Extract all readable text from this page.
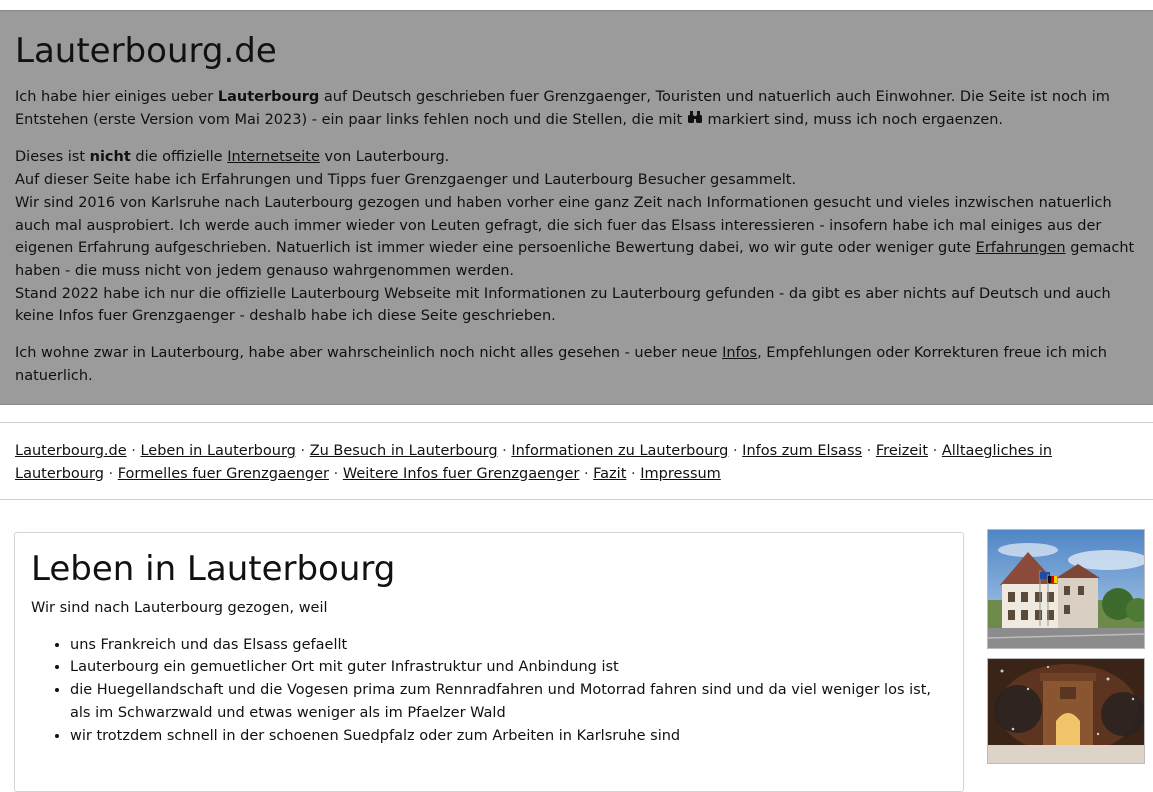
Lauterbourg.de

Ich habe hier einiges ueber Lauterbourg auf Deutsch geschrieben fuer Grenzgaenger, Touristen und natuerlich auch Einwohner. Die Seite ist noch im Entstehen (erste Version vom Mai 2023) - ein paar links fehlen noch und die Stellen, die mit  markiert sind, muss ich noch ergaenzen.

Dieses ist nicht die offizielle Internetseite von Lauterbourg.
Auf dieser Seite habe ich Erfahrungen und Tipps fuer Grenzgaenger und Lauterbourg Besucher gesammelt.
Wir sind 2016 von Karlsruhe nach Lauterbourg gezogen und haben vorher eine ganz Zeit nach Informationen gesucht und vieles inzwischen natuerlich auch mal ausprobiert. Ich werde auch immer wieder von Leuten gefragt, die sich fuer das Elsass interessieren - insofern habe ich mal einiges aus der eigenen Erfahrung aufgeschrieben. Natuerlich ist immer wieder eine persoenliche Bewertung dabei, wo wir gute oder weniger gute Erfahrungen gemacht haben - die muss nicht von jedem genauso wahrgenommen werden.
Stand 2022 habe ich nur die offizielle Lauterbourg Webseite mit Informationen zu Lauterbourg gefunden - da gibt es aber nichts auf Deutsch und auch keine Infos fuer Grenzgaenger - deshalb habe ich diese Seite geschrieben.

Ich wohne zwar in Lauterbourg, habe aber wahrscheinlich noch nicht alles gesehen - ueber neue Infos, Empfehlungen oder Korrekturen freue ich mich natuerlich.

Lauterbourg.de · Leben in Lauterbourg · Zu Besuch in Lauterbourg · Informationen zu Lauterbourg · Infos zum Elsass · Freizeit · Alltaegliches in Lauterbourg · Formelles fuer Grenzgaenger · Weitere Infos fuer Grenzgaenger · Fazit · Impressum
Leben in Lauterbourg

Wir sind nach Lauterbourg gezogen, weil

• uns Frankreich und das Elsass gefaellt
• Lauterbourg ein gemuetlicher Ort mit guter Infrastruktur und Anbindung ist
• die Huegellandschaft und die Vogesen prima zum Rennradfahren und Motorrad fahren sind und da viel weniger los ist, als im Schwarzwald und etwas weniger als im Pfaelzer Wald
• wir trotzdem schnell in der schoenen Suedpfalz oder zum Arbeiten in Karlsruhe sind
